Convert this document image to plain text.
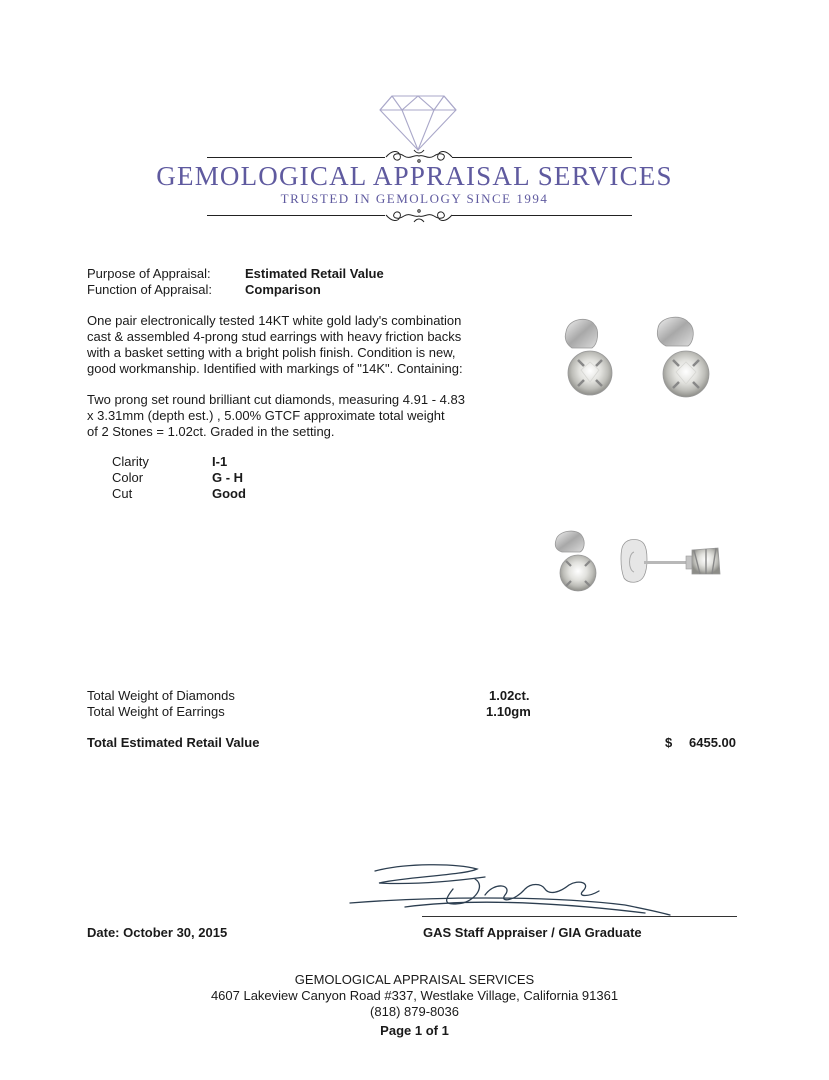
GEMOLOGICAL APPRAISAL SERVICES
TRUSTED IN GEMOLOGY SINCE 1994
Purpose of Appraisal:	Estimated Retail Value
Function of Appraisal:	Comparison
One pair electronically tested 14KT white gold lady's combination
cast & assembled 4-prong stud earrings with heavy friction backs
with a basket setting with a bright polish finish. Condition is new,
good workmanship. Identified with markings of "14K". Containing:
Two prong set round brilliant cut diamonds, measuring 4.91 - 4.83
x 3.31mm (depth est.) , 5.00% GTCF approximate total weight
of 2 Stones = 1.02ct. Graded in the setting.
Clarity	I-1
Color	G - H
Cut	Good
Total Weight of Diamonds	1.02ct.
Total Weight of Earrings	1.10gm
Total Estimated Retail Value	$ 6455.00
Date: October 30, 2015	GAS Staff Appraiser / GIA Graduate
GEMOLOGICAL APPRAISAL SERVICES
4607 Lakeview Canyon Road #337, Westlake Village, California 91361
(818) 879-8036
Page 1 of 1
